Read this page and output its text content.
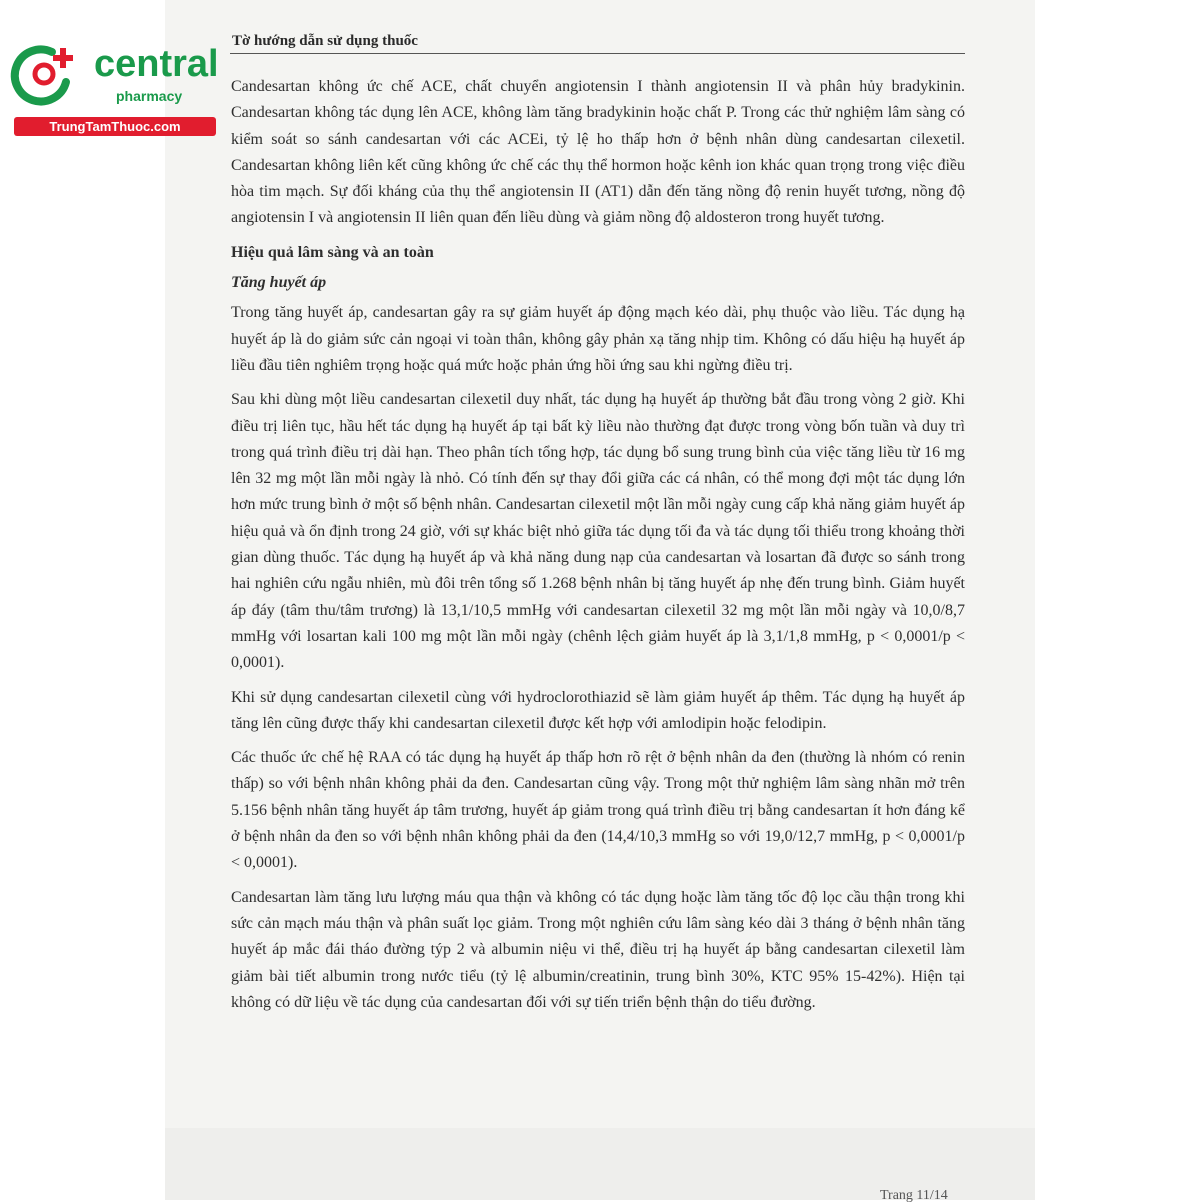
central
pharmacy
TrungTamThuoc.com
Tờ hướng dẫn sử dụng thuốc

Candesartan không ức chế ACE, chất chuyển angiotensin I thành angiotensin II và phân hủy bradykinin. Candesartan không tác dụng lên ACE, không làm tăng bradykinin hoặc chất P. Trong các thử nghiệm lâm sàng có kiểm soát so sánh candesartan với các ACEi, tỷ lệ ho thấp hơn ở bệnh nhân dùng candesartan cilexetil. Candesartan không liên kết cũng không ức chế các thụ thể hormon hoặc kênh ion khác quan trọng trong việc điều hòa tim mạch. Sự đối kháng của thụ thể angiotensin II (AT1) dẫn đến tăng nồng độ renin huyết tương, nồng độ angiotensin I và angiotensin II liên quan đến liều dùng và giảm nồng độ aldosteron trong huyết tương.

Hiệu quả lâm sàng và an toàn

Tăng huyết áp

Trong tăng huyết áp, candesartan gây ra sự giảm huyết áp động mạch kéo dài, phụ thuộc vào liều. Tác dụng hạ huyết áp là do giảm sức cản ngoại vi toàn thân, không gây phản xạ tăng nhịp tim. Không có dấu hiệu hạ huyết áp liều đầu tiên nghiêm trọng hoặc quá mức hoặc phản ứng hồi ứng sau khi ngừng điều trị.

Sau khi dùng một liều candesartan cilexetil duy nhất, tác dụng hạ huyết áp thường bắt đầu trong vòng 2 giờ. Khi điều trị liên tục, hầu hết tác dụng hạ huyết áp tại bất kỳ liều nào thường đạt được trong vòng bốn tuần và duy trì trong quá trình điều trị dài hạn. Theo phân tích tổng hợp, tác dụng bổ sung trung bình của việc tăng liều từ 16 mg lên 32 mg một lần mỗi ngày là nhỏ. Có tính đến sự thay đổi giữa các cá nhân, có thể mong đợi một tác dụng lớn hơn mức trung bình ở một số bệnh nhân. Candesartan cilexetil một lần mỗi ngày cung cấp khả năng giảm huyết áp hiệu quả và ổn định trong 24 giờ, với sự khác biệt nhỏ giữa tác dụng tối đa và tác dụng tối thiểu trong khoảng thời gian dùng thuốc. Tác dụng hạ huyết áp và khả năng dung nạp của candesartan và losartan đã được so sánh trong hai nghiên cứu ngẫu nhiên, mù đôi trên tổng số 1.268 bệnh nhân bị tăng huyết áp nhẹ đến trung bình. Giảm huyết áp đáy (tâm thu/tâm trương) là 13,1/10,5 mmHg với candesartan cilexetil 32 mg một lần mỗi ngày và 10,0/8,7 mmHg với losartan kali 100 mg một lần mỗi ngày (chênh lệch giảm huyết áp là 3,1/1,8 mmHg, p < 0,0001/p < 0,0001).

Khi sử dụng candesartan cilexetil cùng với hydroclorothiazid sẽ làm giảm huyết áp thêm. Tác dụng hạ huyết áp tăng lên cũng được thấy khi candesartan cilexetil được kết hợp với amlodipin hoặc felodipin.

Các thuốc ức chế hệ RAA có tác dụng hạ huyết áp thấp hơn rõ rệt ở bệnh nhân da đen (thường là nhóm có renin thấp) so với bệnh nhân không phải da đen. Candesartan cũng vậy. Trong một thử nghiệm lâm sàng nhãn mở trên 5.156 bệnh nhân tăng huyết áp tâm trương, huyết áp giảm trong quá trình điều trị bằng candesartan ít hơn đáng kể ở bệnh nhân da đen so với bệnh nhân không phải da đen (14,4/10,3 mmHg so với 19,0/12,7 mmHg, p < 0,0001/p < 0,0001).

Candesartan làm tăng lưu lượng máu qua thận và không có tác dụng hoặc làm tăng tốc độ lọc cầu thận trong khi sức cản mạch máu thận và phân suất lọc giảm. Trong một nghiên cứu lâm sàng kéo dài 3 tháng ở bệnh nhân tăng huyết áp mắc đái tháo đường týp 2 và albumin niệu vi thể, điều trị hạ huyết áp bằng candesartan cilexetil làm giảm bài tiết albumin trong nước tiểu (tỷ lệ albumin/creatinin, trung bình 30%, KTC 95% 15-42%). Hiện tại không có dữ liệu về tác dụng của candesartan đối với sự tiến triển bệnh thận do tiểu đường.

Trang 11/14
